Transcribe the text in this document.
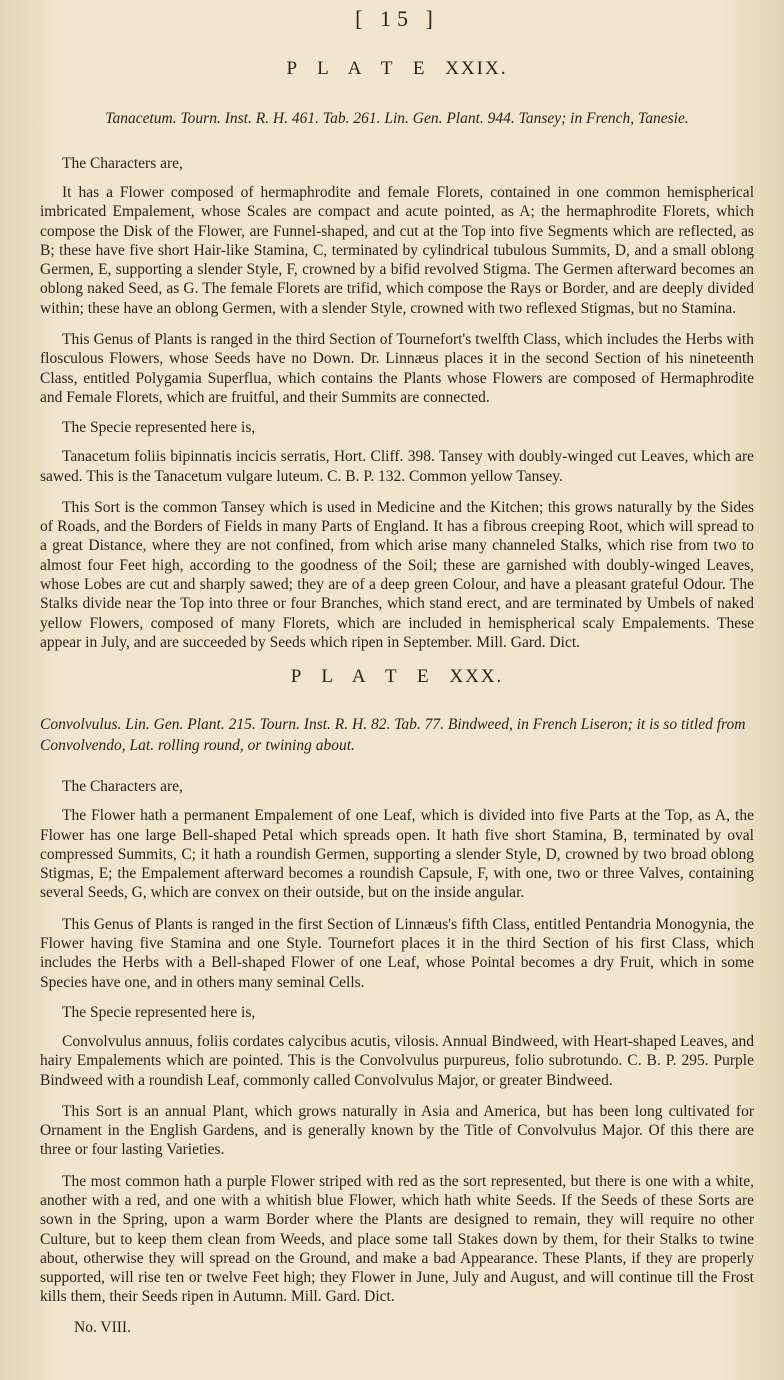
[ 15 ]
P L A T E XXIX.
Tanacetum. Tourn. Inst. R. H. 461. Tab. 261. Lin. Gen. Plant. 944. Tansey; in French, Tanesie.
The Characters are,

It has a Flower composed of hermaphrodite and female Florets, contained in one common hemispherical imbricated Empalement, whose Scales are compact and acute pointed, as A; the hermaphrodite Florets, which compose the Disk of the Flower, are Funnel-shaped, and cut at the Top into five Segments which are reflected, as B; these have five short Hair-like Stamina, C, terminated by cylindrical tubulous Summits, D, and a small oblong Germen, E, supporting a slender Style, F, crowned by a bifid revolved Stigma. The Germen afterward becomes an oblong naked Seed, as G. The female Florets are trifid, which compose the Rays or Border, and are deeply divided within; these have an oblong Germen, with a slender Style, crowned with two reflexed Stigmas, but no Stamina.

This Genus of Plants is ranged in the third Section of Tournefort's twelfth Class, which includes the Herbs with flosculous Flowers, whose Seeds have no Down. Dr. Linnæus places it in the second Section of his nineteenth Class, entitled Polygamia Superflua, which contains the Plants whose Flowers are composed of Hermaphrodite and Female Florets, which are fruitful, and their Summits are connected.

The Specie represented here is,

Tanacetum foliis bipinnatis incicis serratis, Hort. Cliff. 398. Tansey with doubly-winged cut Leaves, which are sawed. This is the Tanacetum vulgare luteum. C. B. P. 132. Common yellow Tansey.

This Sort is the common Tansey which is used in Medicine and the Kitchen; this grows naturally by the Sides of Roads, and the Borders of Fields in many Parts of England. It has a fibrous creeping Root, which will spread to a great Distance, where they are not confined, from which arise many channeled Stalks, which rise from two to almost four Feet high, according to the goodness of the Soil; these are garnished with doubly-winged Leaves, whose Lobes are cut and sharply sawed; they are of a deep green Colour, and have a pleasant grateful Odour. The Stalks divide near the Top into three or four Branches, which stand erect, and are terminated by Umbels of naked yellow Flowers, composed of many Florets, which are included in hemispherical scaly Empalements. These appear in July, and are succeeded by Seeds which ripen in September. Mill. Gard. Dict.

P L A T E XXX.
Convolvulus. Lin. Gen. Plant. 215. Tourn. Inst. R. H. 82. Tab. 77. Bindweed, in French Liseron; it is so titled from Convolvendo, Lat. rolling round, or twining about.
The Characters are,

The Flower hath a permanent Empalement of one Leaf, which is divided into five Parts at the Top, as A, the Flower has one large Bell-shaped Petal which spreads open. It hath five short Stamina, B, terminated by oval compressed Summits, C; it hath a roundish Germen, supporting a slender Style, D, crowned by two broad oblong Stigmas, E; the Empalement afterward becomes a roundish Capsule, F, with one, two or three Valves, containing several Seeds, G, which are convex on their outside, but on the inside angular.

This Genus of Plants is ranged in the first Section of Linnæus's fifth Class, entitled Pentandria Monogynia, the Flower having five Stamina and one Style. Tournefort places it in the third Section of his first Class, which includes the Herbs with a Bell-shaped Flower of one Leaf, whose Pointal becomes a dry Fruit, which in some Species have one, and in others many seminal Cells.

The Specie represented here is,

Convolvulus annuus, foliis cordates calycibus acutis, vilosis. Annual Bindweed, with Heart-shaped Leaves, and hairy Empalements which are pointed. This is the Convolvulus purpureus, folio subrotundo. C. B. P. 295. Purple Bindweed with a roundish Leaf, commonly called Convolvulus Major, or greater Bindweed.

This Sort is an annual Plant, which grows naturally in Asia and America, but has been long cultivated for Ornament in the English Gardens, and is generally known by the Title of Convolvulus Major. Of this there are three or four lasting Varieties.

The most common hath a purple Flower striped with red as the sort represented, but there is one with a white, another with a red, and one with a whitish blue Flower, which hath white Seeds. If the Seeds of these Sorts are sown in the Spring, upon a warm Border where the Plants are designed to remain, they will require no other Culture, but to keep them clean from Weeds, and place some tall Stakes down by them, for their Stalks to twine about, otherwise they will spread on the Ground, and make a bad Appearance. These Plants, if they are properly supported, will rise ten or twelve Feet high; they Flower in June, July and August, and will continue till the Frost kills them, their Seeds ripen in Autumn. Mill. Gard. Dict.

No. VIII.
